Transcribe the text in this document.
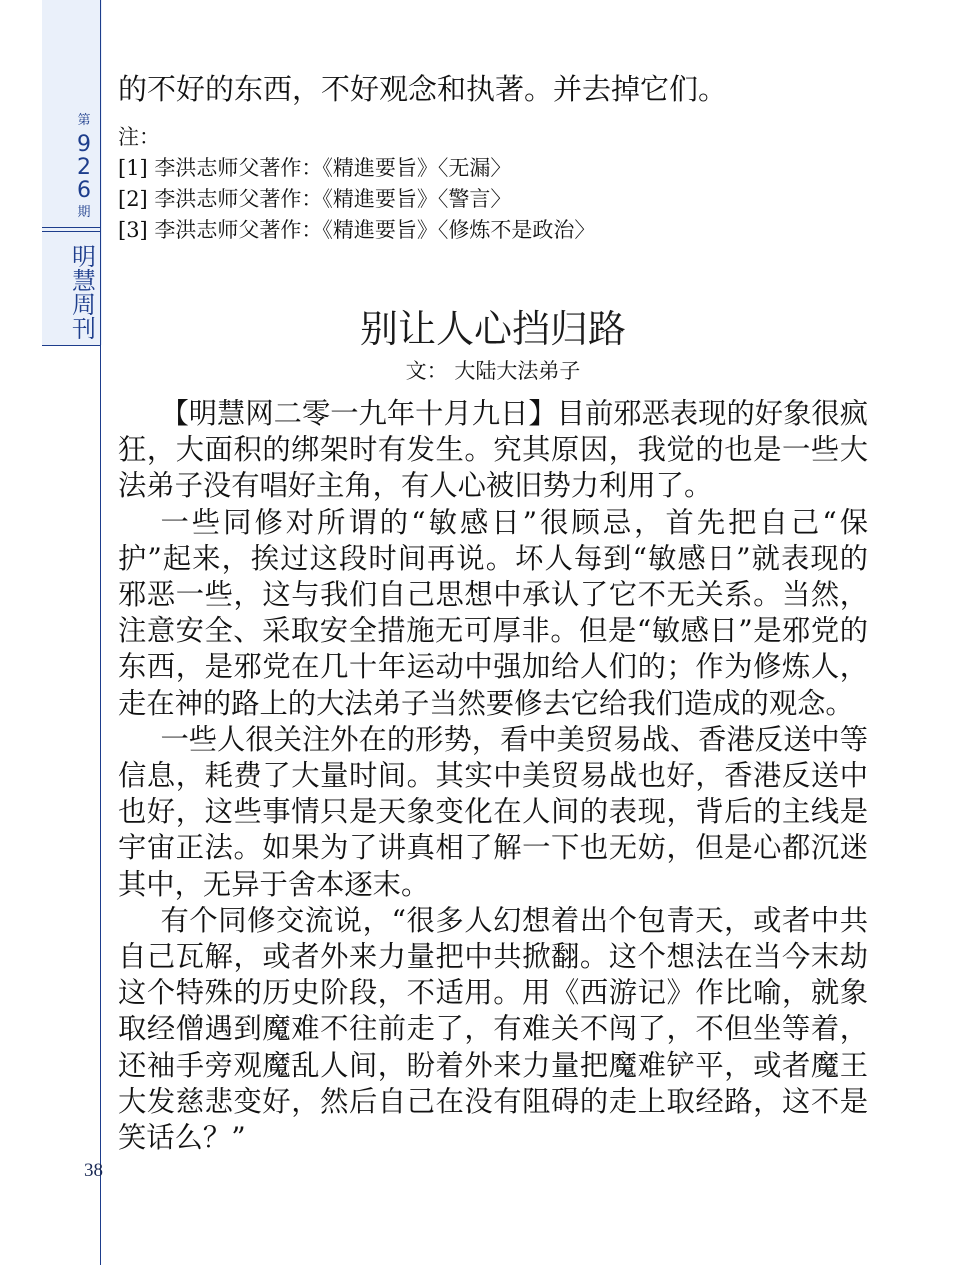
第
9
2
6
期
明
慧
周
刊
38
的不好的东西，不好观念和执著。并去掉它们。
注：
[1] 李洪志师父著作：《精進要旨》〈无漏〉
[2] 李洪志师父著作：《精進要旨》〈警言〉
[3] 李洪志师父著作：《精進要旨》〈修炼不是政治〉
别让人心挡归路
文： 大陆大法弟子

【明慧网二零一九年十月九日】目前邪恶表现的好象很疯狂，大面积的绑架时有发生。究其原因，我觉的也是一些大法弟子没有唱好主角，有人心被旧势力利用了。

一些同修对所谓的“敏感日”很顾忌，首先把自己“保护”起来，挨过这段时间再说。坏人每到“敏感日”就表现的邪恶一些，这与我们自己思想中承认了它不无关系。当然，注意安全、采取安全措施无可厚非。但是“敏感日”是邪党的东西，是邪党在几十年运动中强加给人们的；作为修炼人，走在神的路上的大法弟子当然要修去它给我们造成的观念。

一些人很关注外在的形势，看中美贸易战、香港反送中等信息，耗费了大量时间。其实中美贸易战也好，香港反送中也好，这些事情只是天象变化在人间的表现，背后的主线是宇宙正法。如果为了讲真相了解一下也无妨，但是心都沉迷其中，无异于舍本逐末。

有个同修交流说，“很多人幻想着出个包青天，或者中共自己瓦解，或者外来力量把中共掀翻。这个想法在当今末劫这个特殊的历史阶段，不适用。用《西游记》作比喻，就象取经僧遇到魔难不往前走了，有难关不闯了，不但坐等着，还袖手旁观魔乱人间，盼着外来力量把魔难铲平，或者魔王大发慈悲变好，然后自己在没有阻碍的走上取经路，这不是笑话么？”
